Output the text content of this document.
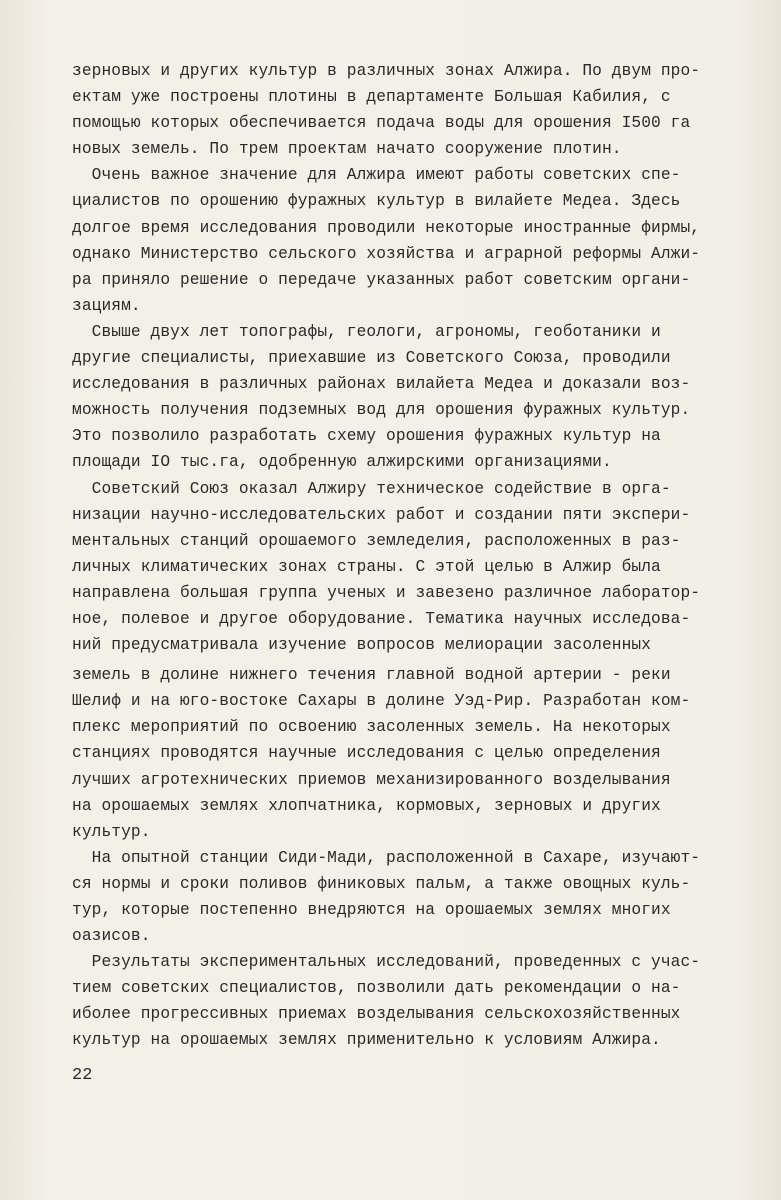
зерновых и других культур в различных зонах Алжира. По двум про-
ектам уже построены плотины в департаменте Большая Кабилия, с
помощью которых обеспечивается подача воды для орошения I500 га
новых земель. По трем проектам начато сооружение плотин.
Очень важное значение для Алжира имеют работы советских спе-
циалистов по орошению фуражных культур в вилайете Медеа. Здесь
долгое время исследования проводили некоторые иностранные фирмы,
однако Министерство сельского хозяйства и аграрной реформы Алжи-
ра приняло решение о передаче указанных работ советским органи-
зациям.
Свыше двух лет топографы, геологи, агрономы, геоботаники и
другие специалисты, приехавшие из Советского Союза, проводили
исследования в различных районах вилайета Медеа и доказали воз-
можность получения подземных вод для орошения фуражных культур.
Это позволило разработать схему орошения фуражных культур на
площади IO тыс.га, одобренную алжирскими организациями.
Советский Союз оказал Алжиру техническое содействие в орга-
низации научно-исследовательских работ и создании пяти экспери-
ментальных станций орошаемого земледелия, расположенных в раз-
личных климатических зонах страны. С этой целью в Алжир была
направлена большая группа ученых и завезено различное лаборатор-
ное, полевое и другое оборудование. Тематика научных исследова-
ний предусматривала изучение вопросов мелиорации засоленных
земель в долине нижнего течения главной водной артерии - реки
Шелиф и на юго-востоке Сахары в долине Уэд-Рир. Разработан ком-
плекс мероприятий по освоению засоленных земель. На некоторых
станциях проводятся научные исследования с целью определения
лучших агротехнических приемов механизированного возделывания
на орошаемых землях хлопчатника, кормовых, зерновых и других
культур.
На опытной станции Сиди-Мади, расположенной в Сахаре, изучают-
ся нормы и сроки поливов финиковых пальм, а также овощных куль-
тур, которые постепенно внедряются на орошаемых землях многих
оазисов.
Результаты экспериментальных исследований, проведенных с учас-
тием советских специалистов, позволили дать рекомендации о на-
иболее прогрессивных приемах возделывания сельскохозяйственных
культур на орошаемых землях применительно к условиям Алжира.
22
